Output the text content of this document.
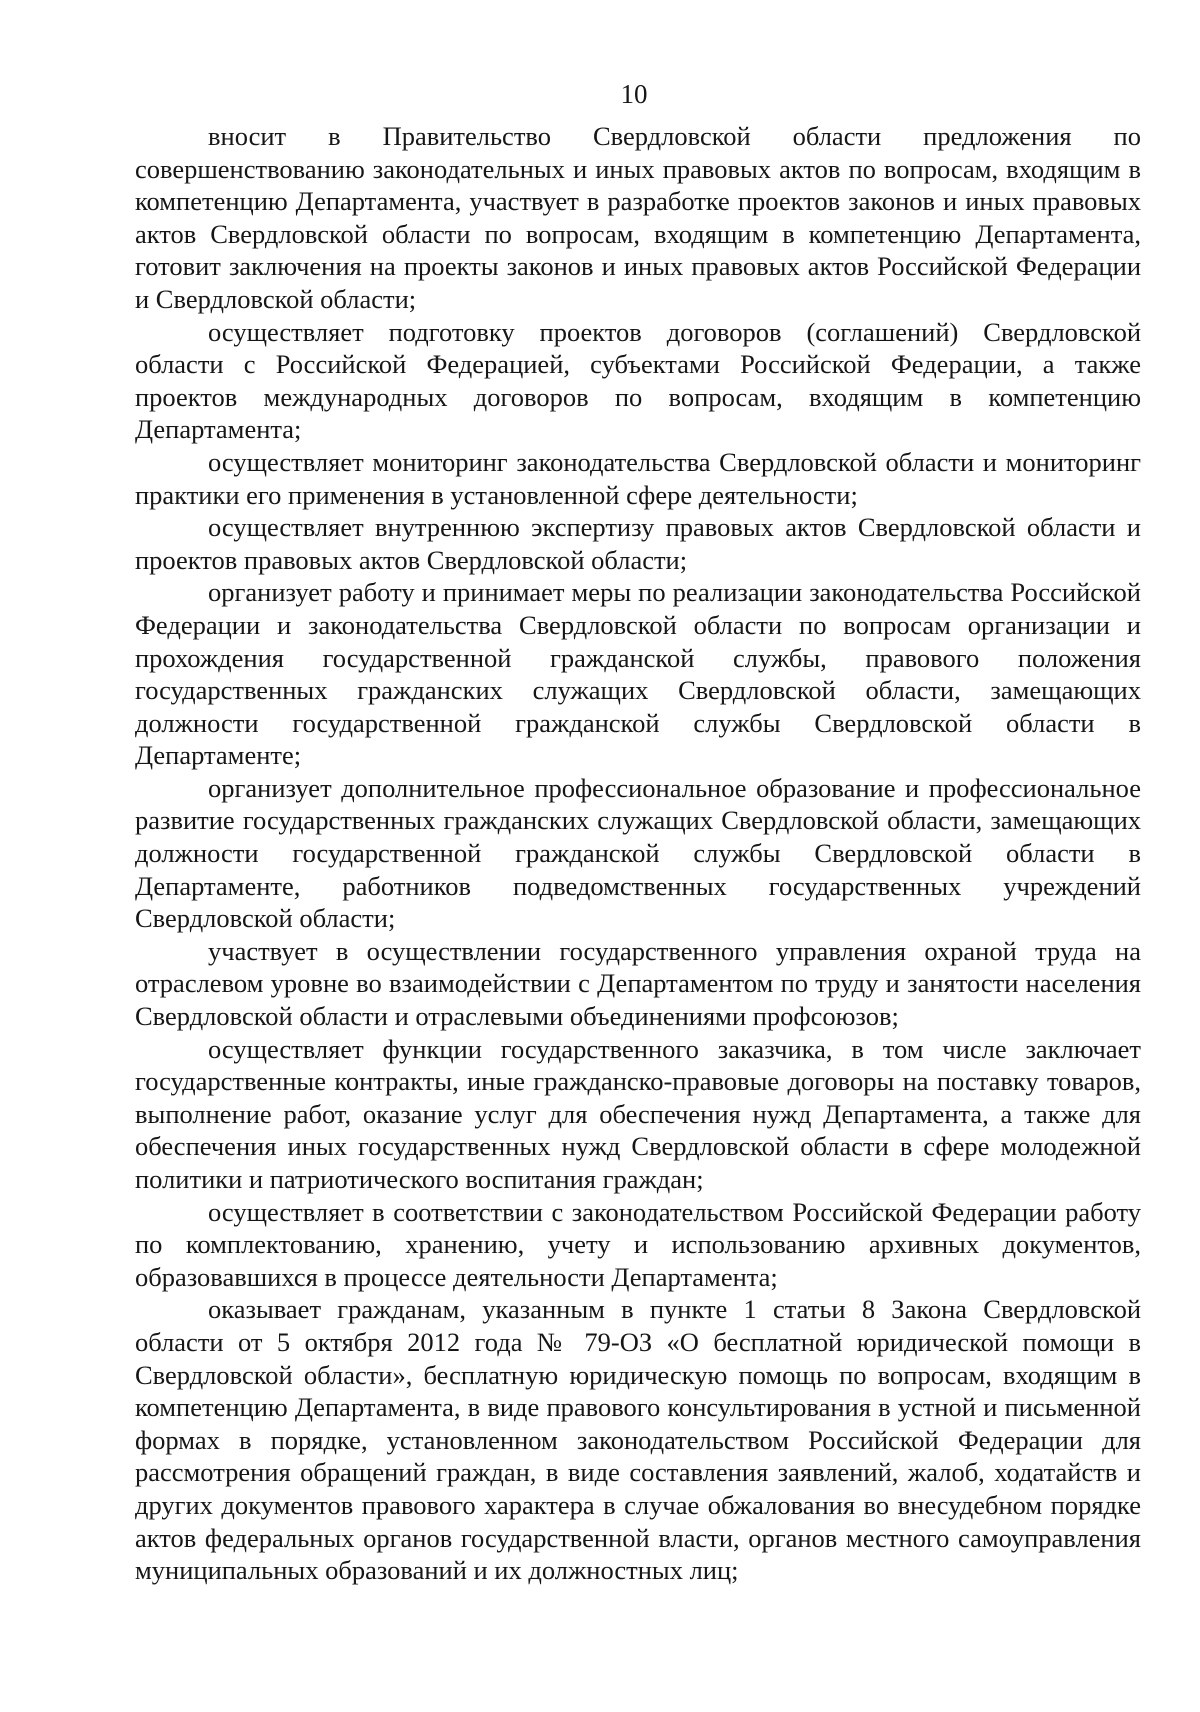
10

вносит в Правительство Свердловской области предложения по совершенствованию законодательных и иных правовых актов по вопросам, входящим в компетенцию Департамента, участвует в разработке проектов законов и иных правовых актов Свердловской области по вопросам, входящим в компетенцию Департамента, готовит заключения на проекты законов и иных правовых актов Российской Федерации и Свердловской области;

осуществляет подготовку проектов договоров (соглашений) Свердловской области с Российской Федерацией, субъектами Российской Федерации, а также проектов международных договоров по вопросам, входящим в компетенцию Департамента;

осуществляет мониторинг законодательства Свердловской области и мониторинг практики его применения в установленной сфере деятельности;

осуществляет внутреннюю экспертизу правовых актов Свердловской области и проектов правовых актов Свердловской области;

организует работу и принимает меры по реализации законодательства Российской Федерации и законодательства Свердловской области по вопросам организации и прохождения государственной гражданской службы, правового положения государственных гражданских служащих Свердловской области, замещающих должности государственной гражданской службы Свердловской области в Департаменте;

организует дополнительное профессиональное образование и профессиональное развитие государственных гражданских служащих Свердловской области, замещающих должности государственной гражданской службы Свердловской области в Департаменте, работников подведомственных государственных учреждений Свердловской области;

участвует в осуществлении государственного управления охраной труда на отраслевом уровне во взаимодействии с Департаментом по труду и занятости населения Свердловской области и отраслевыми объединениями профсоюзов;

осуществляет функции государственного заказчика, в том числе заключает государственные контракты, иные гражданско-правовые договоры на поставку товаров, выполнение работ, оказание услуг для обеспечения нужд Департамента, а также для обеспечения иных государственных нужд Свердловской области в сфере молодежной политики и патриотического воспитания граждан;

осуществляет в соответствии с законодательством Российской Федерации работу по комплектованию, хранению, учету и использованию архивных документов, образовавшихся в процессе деятельности Департамента;

оказывает гражданам, указанным в пункте 1 статьи 8 Закона Свердловской области от 5 октября 2012 года № 79-ОЗ «О бесплатной юридической помощи в Свердловской области», бесплатную юридическую помощь по вопросам, входящим в компетенцию Департамента, в виде правового консультирования в устной и письменной формах в порядке, установленном законодательством Российской Федерации для рассмотрения обращений граждан, в виде составления заявлений, жалоб, ходатайств и других документов правового характера в случае обжалования во внесудебном порядке актов федеральных органов государственной власти, органов местного самоуправления муниципальных образований и их должностных лиц;
